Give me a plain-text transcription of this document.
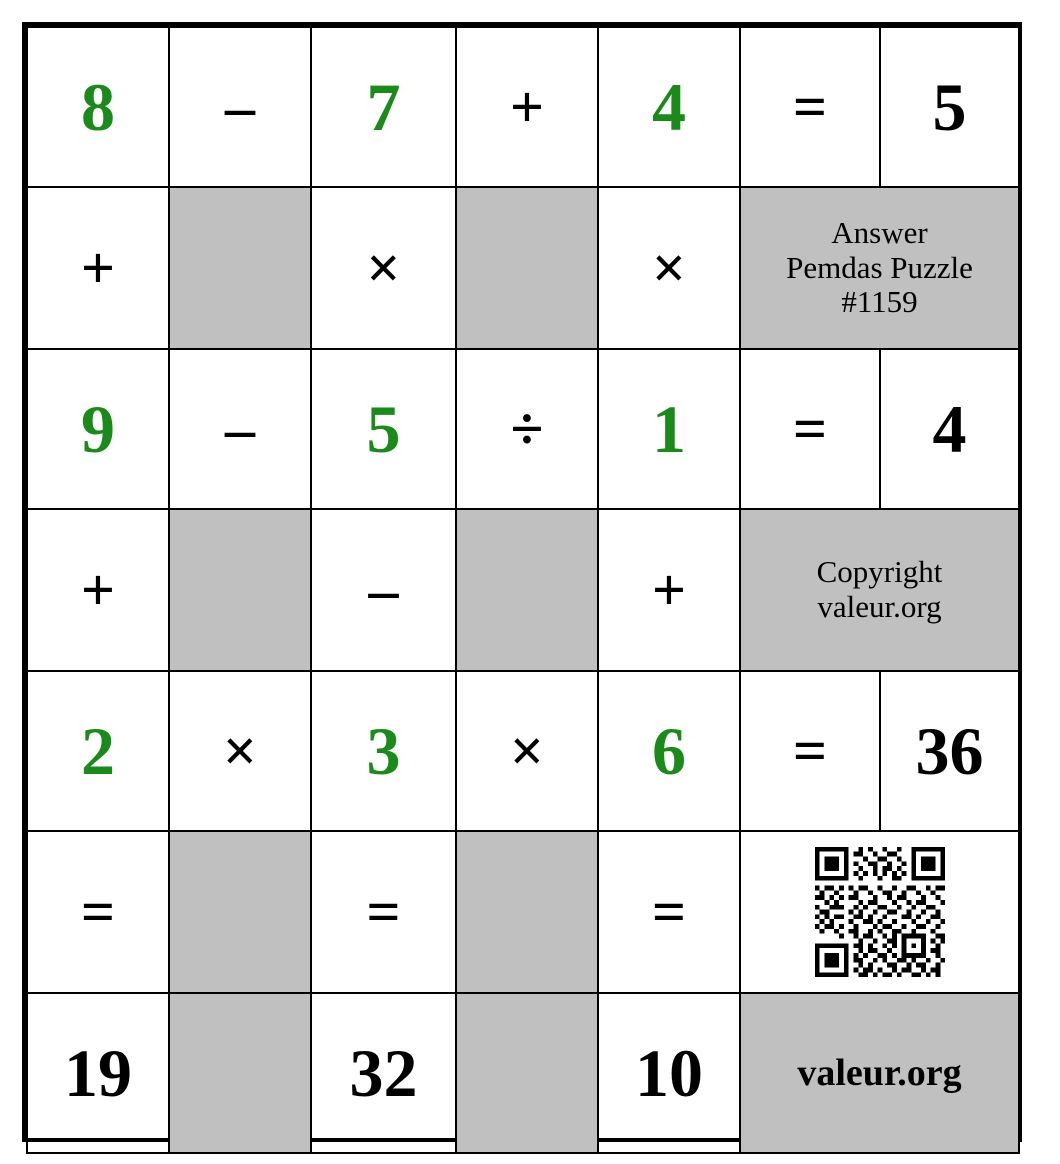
8	–	7	+	4	=	5
+		×		×	Answer
Pemdas Puzzle
#1159	

9	–	5	÷	1	=	4
+		–		+	Copyright
valeur.org	

2	×	3	×	6	=	36
=		=		=	

19		32		10	valeur.org	
